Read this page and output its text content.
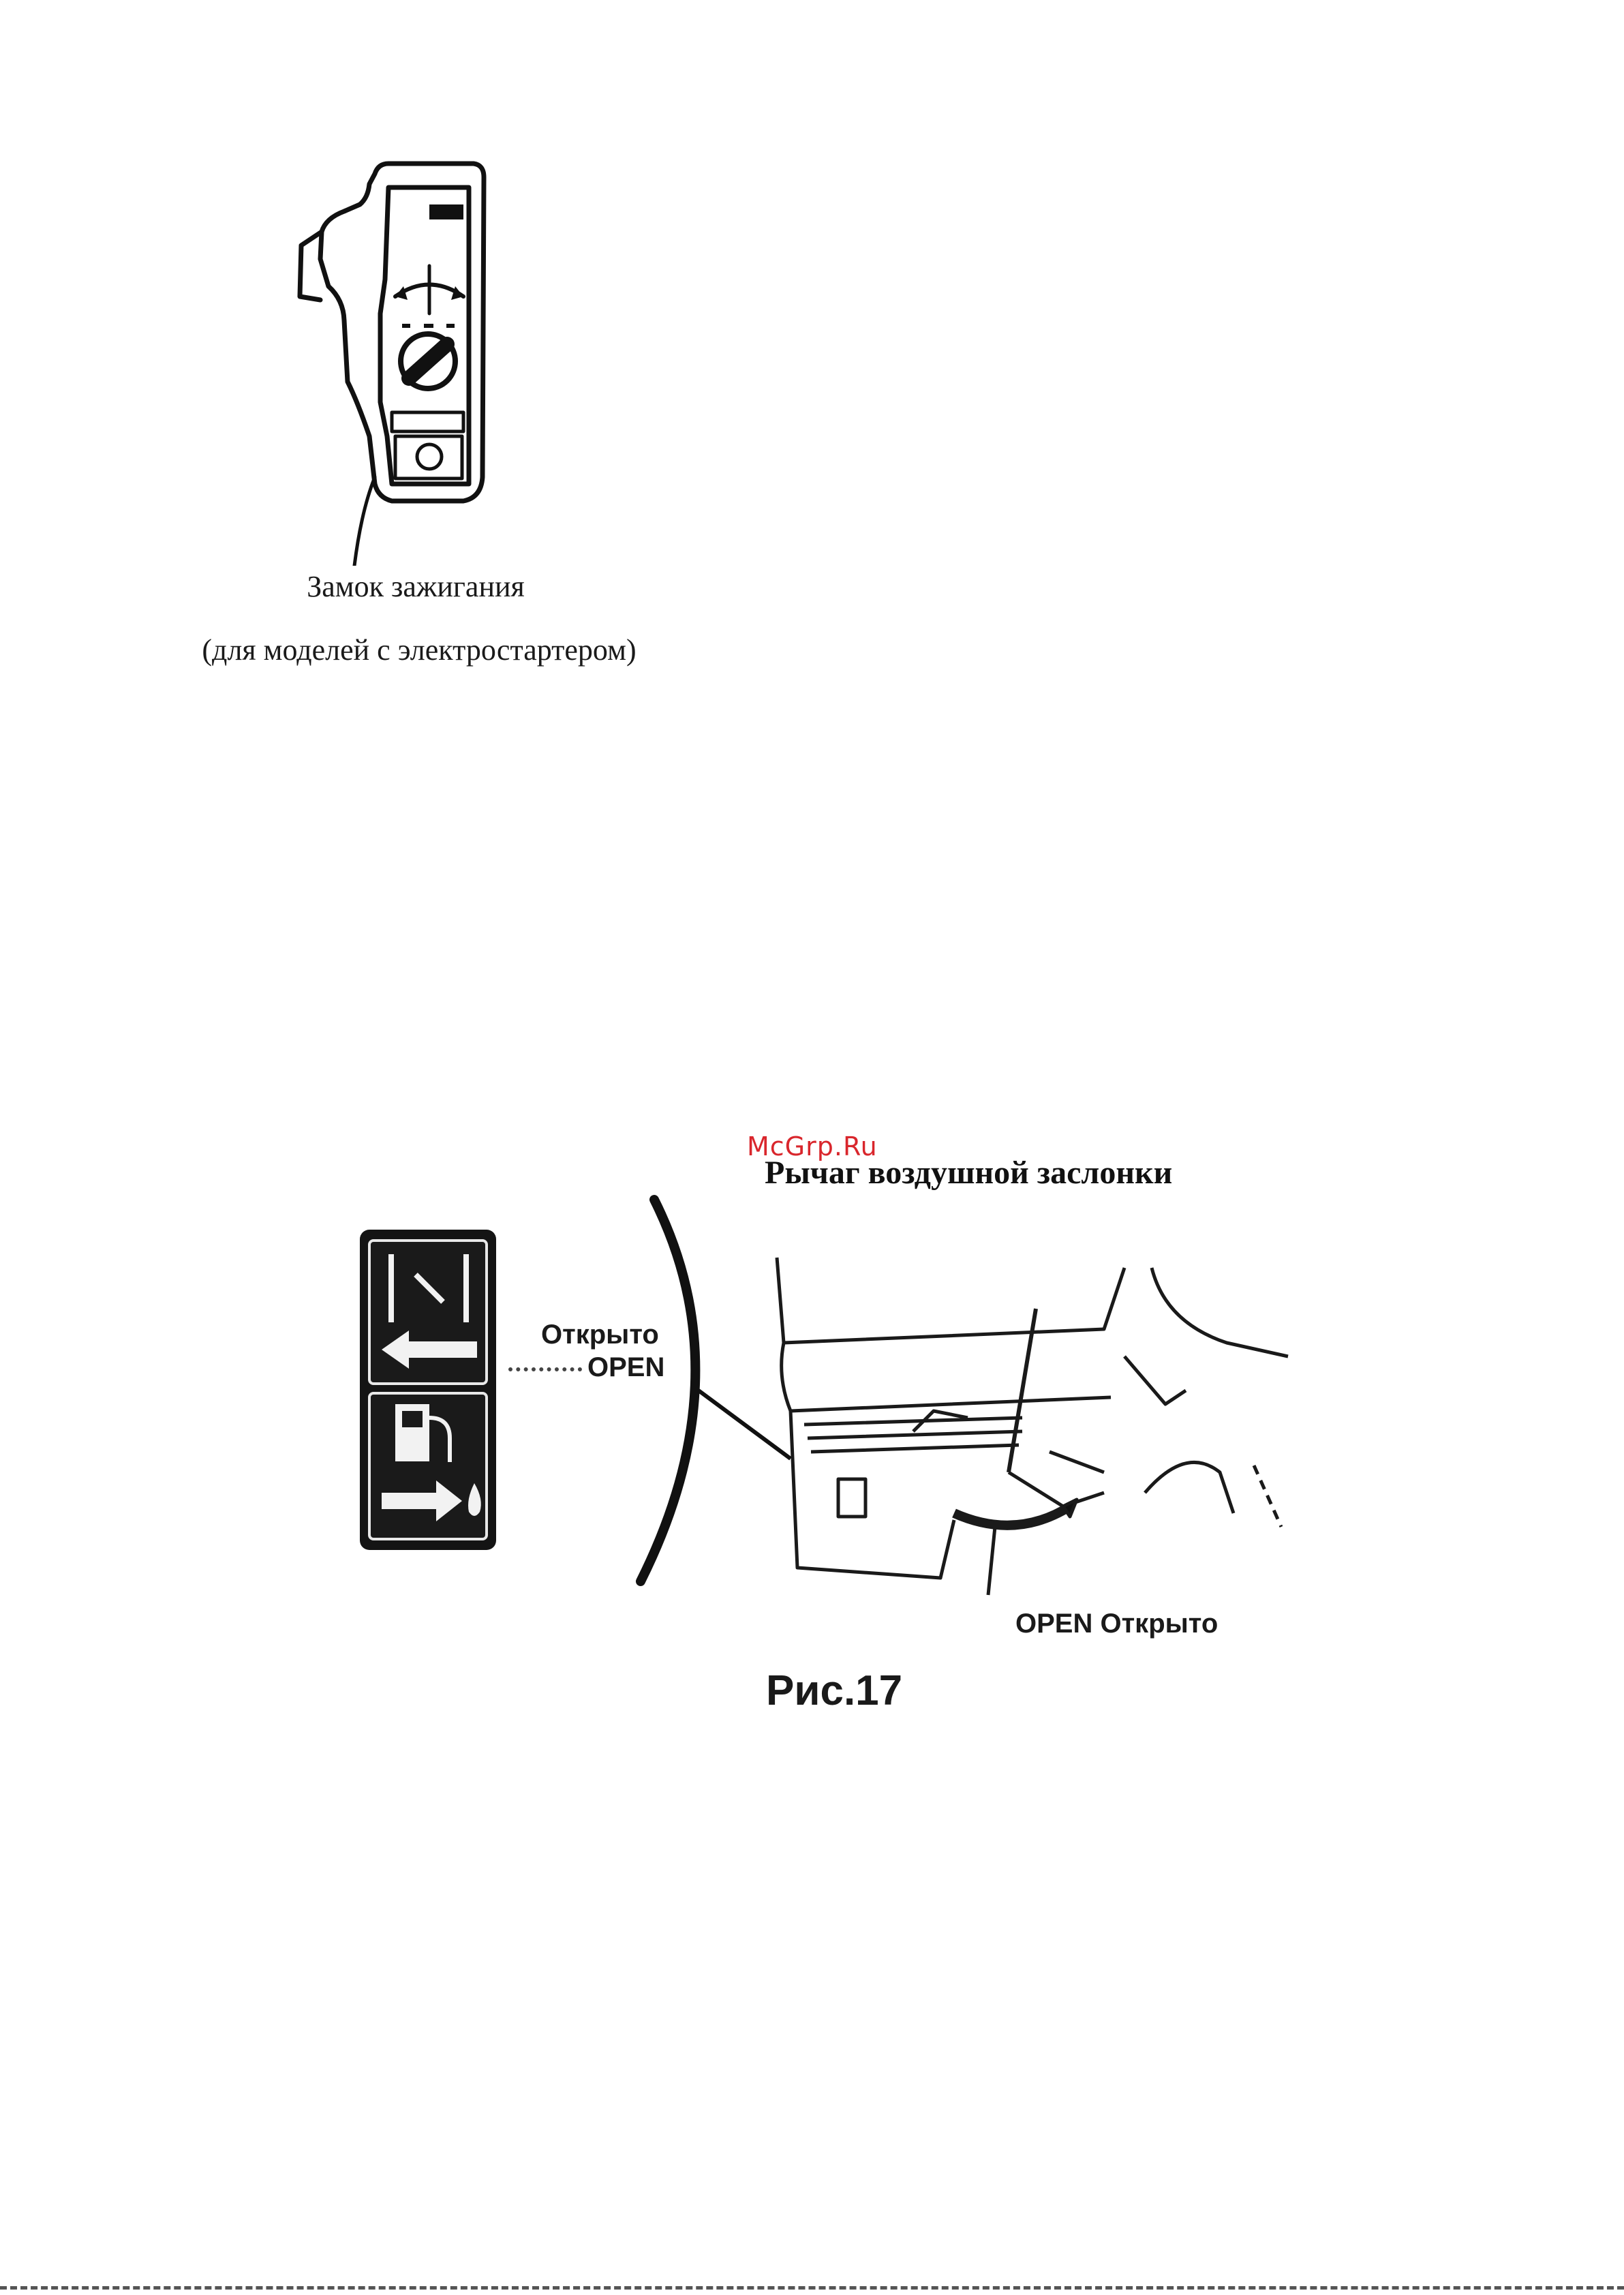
Замок зажигания
(для моделей с электростартером)
McGrp.Ru
Рычаг воздушной заслонки
Открыто
OPEN
OPEN Открыто
Рис.17
